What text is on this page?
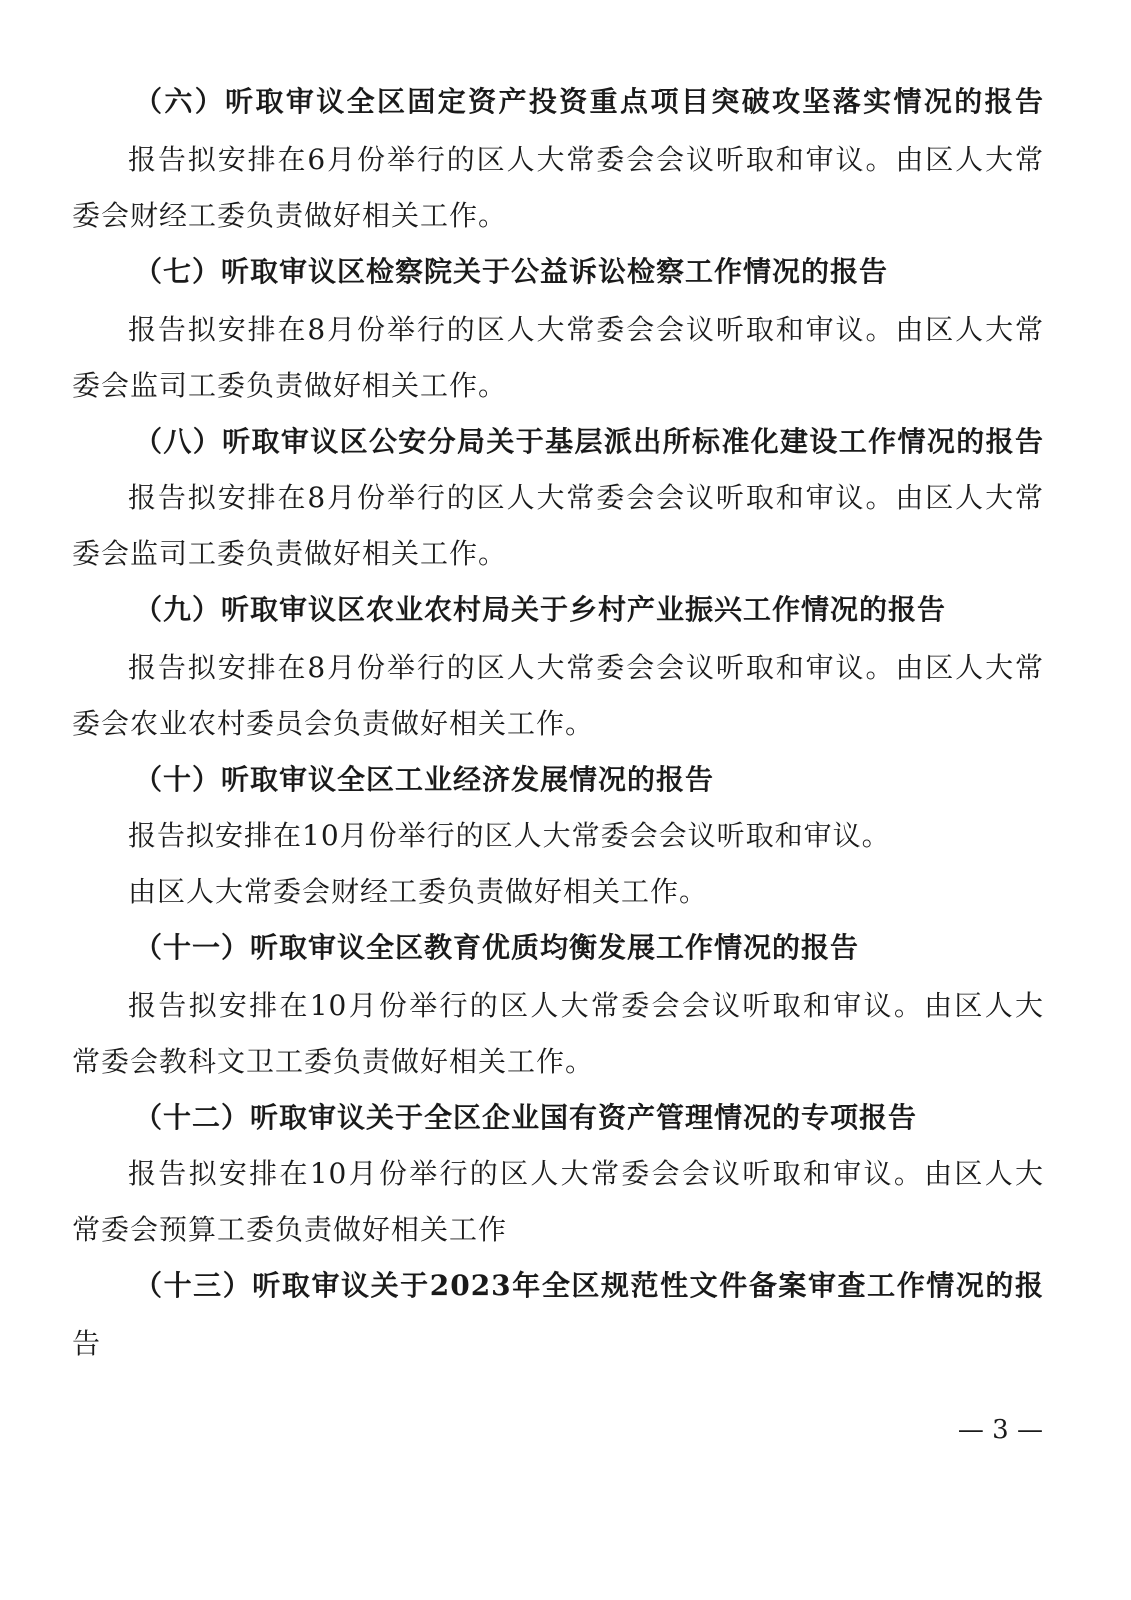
（六）听取审议全区固定资产投资重点项目突破攻坚落实情况的报告
报告拟安排在6月份举行的区人大常委会会议听取和审议。由区人大常
委会财经工委负责做好相关工作。
（七）听取审议区检察院关于公益诉讼检察工作情况的报告
报告拟安排在8月份举行的区人大常委会会议听取和审议。由区人大常
委会监司工委负责做好相关工作。
（八）听取审议区公安分局关于基层派出所标准化建设工作情况的报告
报告拟安排在8月份举行的区人大常委会会议听取和审议。由区人大常
委会监司工委负责做好相关工作。
（九）听取审议区农业农村局关于乡村产业振兴工作情况的报告
报告拟安排在8月份举行的区人大常委会会议听取和审议。由区人大常
委会农业农村委员会负责做好相关工作。
（十）听取审议全区工业经济发展情况的报告
报告拟安排在10月份举行的区人大常委会会议听取和审议。
由区人大常委会财经工委负责做好相关工作。
（十一）听取审议全区教育优质均衡发展工作情况的报告
报告拟安排在10月份举行的区人大常委会会议听取和审议。由区人大
常委会教科文卫工委负责做好相关工作。
（十二）听取审议关于全区企业国有资产管理情况的专项报告
报告拟安排在10月份举行的区人大常委会会议听取和审议。由区人大
常委会预算工委负责做好相关工作
（十三）听取审议关于2023年全区规范性文件备案审查工作情况的报
告
— 3 —
